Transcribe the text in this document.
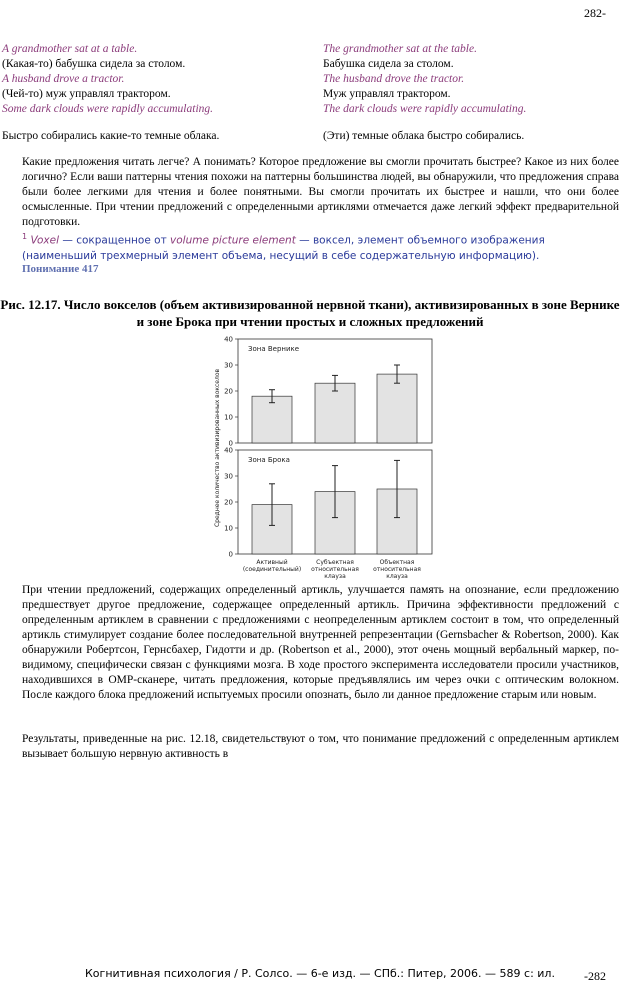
282-
A grandmother sat at a table.
(Какая-то) бабушка сидела за столом.
A husband drove a tractor.
(Чей-то) муж управлял трактором.
Some dark clouds were rapidly accumulating.
Быстро собирались какие-то темные облака.
The grandmother sat at the table.
Бабушка сидела за столом.
The husband drove the tractor.
Муж управлял трактором.
The dark clouds were rapidly accumulating.
(Эти) темные облака быстро собирались.

Какие предложения читать легче? А понимать? Которое предложение вы смогли прочитать быстрее? Какое из них более логично? Если ваши паттерны чтения похожи на паттерны большинства людей, вы обнаружили, что предложения справа были более легкими для чтения и более понятными. Вы смогли прочитать их быстрее и нашли, что они более осмысленные. При чтении предложений с определенными артиклями отмечается даже легкий эффект предварительной подготовки.

$^1$ Voxel — сокращенное от volume picture element — воксел, элемент объемного изображения (наименьший трехмерный элемент объема, несущий в себе содержательную информацию).
Понимание 417
Рис. 12.17. Число вокселов (объем активизированной нервной ткани), активизированных в зоне Вернике и зоне Брока при чтении простых и сложных предложений
Среднее количество активизированных вокселов 0
10
20
30
40
Зона Вернике
0
10
20
30
40
Зона Брока
Активный (соединительный)
Субъектная относительная клауза
Объектная относительная клауза

При чтении предложений, содержащих определенный артикль, улучшается память на опознание, если предложению предшествует другое предложение, содержащее определенный артикль. Причина эффективности предложений с определенным артиклем в сравнении с предложениями с неопределенным артиклем состоит в том, что определенный артикль стимулирует создание более последовательной внутренней репрезентации (Gernsbacher & Robertson, 2000). Как обнаружили Робертсон, Гернсбахер, Гидотти и др. (Robertson et al., 2000), этот очень мощный вербальный маркер, по-видимому, специфически связан с функциями мозга. В ходе простого эксперимента исследователи просили участников, находившихся в ОМР-сканере, читать предложения, которые предъявлялись им через очки с оптическим волокном. После каждого блока предложений испытуемых просили опознать, было ли данное предложение старым или новым.

Результаты, приведенные на рис. 12.18, свидетельствуют о том, что понимание предложений с определенным артиклем вызывает большую нервную активность в

Когнитивная психология / Р. Солсо. — 6-е изд. — СПб.: Питер, 2006. — 589 с: ил. -282
